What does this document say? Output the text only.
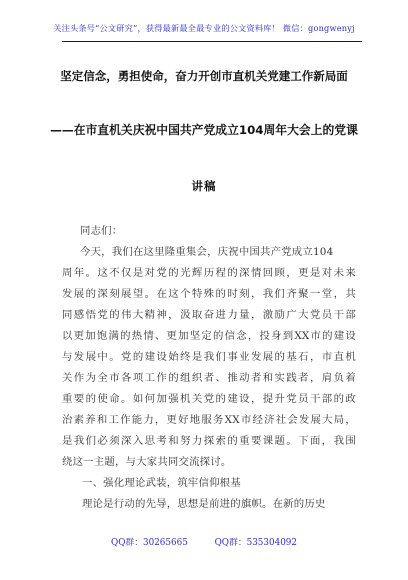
关注头条号“公文研究”，获得最新最全最专业的公文资料库！ 微信：gongwenyj
坚定信念，勇担使命，奋力开创市直机关党建工作新局面
——在市直机关庆祝中国共产党成立104周年大会上的党课
讲稿
同志们：
今天，我们在这里隆重集会，庆祝中国共产党成立104
周年。这不仅是对党的光辉历程的深情回顾，更是对未来
发展的深刻展望。在这个特殊的时刻，我们齐聚一堂，共
同感悟党的伟大精神，汲取奋进力量，激励广大党员干部
以更加饱满的热情、更加坚定的信念，投身到XX市的建设
与发展中。党的建设始终是我们事业发展的基石，市直机
关作为全市各项工作的组织者、推动者和实践者，肩负着
重要的使命。如何加强机关党的建设，提升党员干部的政
治素养和工作能力，更好地服务XX市经济社会发展大局，
是我们必须深入思考和努力探索的重要课题。下面，我围
绕这一主题，与大家共同交流探讨。
一、强化理论武装，筑牢信仰根基
理论是行动的先导，思想是前进的旗帜。在新的历史
QQ群：30265665	QQ群：535304092
